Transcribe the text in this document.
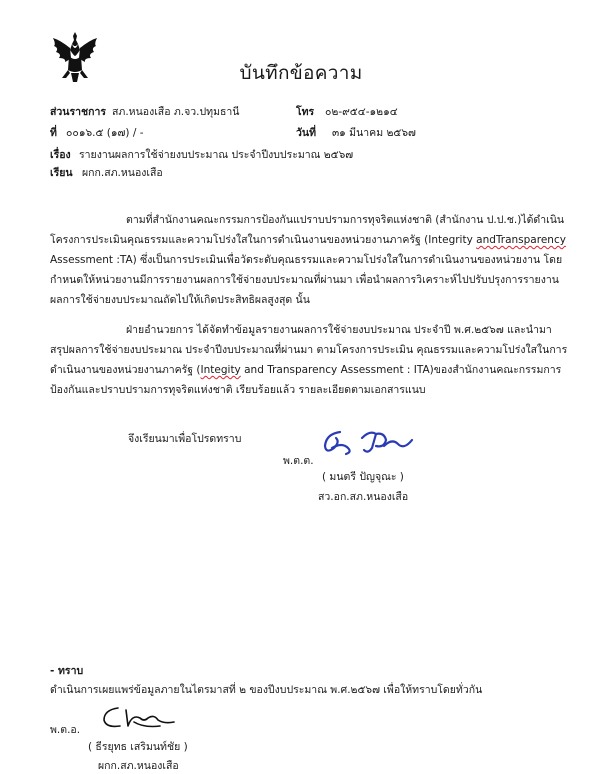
บันทึกข้อความ
ส่วนราชการ สภ.หนองเสือ ภ.จว.ปทุมธานี	โทร ๐๒-๙๕๔-๑๒๑๔
ที่ ๐๐๑๖.๕ (๑๗) / -	วันที่ ๓๑ มีนาคม ๒๕๖๗
เรื่อง รายงานผลการใช้จ่ายงบประมาณ ประจำปีงบประมาณ ๒๕๖๗
เรียน ผกก.สภ.หนองเสือ
ตามที่สำนักงานคณะกรรมการป้องกันแปราบปรามการทุจริตแห่งชาติ (สำนักงาน ป.ป.ช.)ได้ดำเนิน
โครงการประเมินคุณธรรมและความโปร่งใสในการดำเนินงานของหน่วยงานภาครัฐ (Integrity andTransparency
Assessment :TA) ซึ่งเป็นการประเมินเพื่อวัดระดับคุณธรรมและความโปร่งใสในการดำเนินงานของหน่วยงาน โดย
กำหนดให้หน่วยงานมีการรายงานผลการใช้จ่ายงบประมาณที่ผ่านมา เพื่อนำผลการวิเคราะห์ไปปรับปรุงการรายงาน
ผลการใช้จ่ายงบประมาณถัดไปให้เกิดประสิทธิผลสูงสุด นั้น
ฝ่ายอำนวยการ ได้จัดทำข้อมูลรายงานผลการใช้จ่ายงบประมาณ ประจำปี พ.ศ.๒๕๖๗ และนำมา
สรุปผลการใช้จ่ายงบประมาณ ประจำปีงบประมาณที่ผ่านมา ตามโครงการประเมิน คุณธรรมและความโปร่งใสในการ
ดำเนินงานของหน่วยงานภาครัฐ (Integity and Transparency Assessment : ITA)ของสำนักงานคณะกรรมการ
ป้องกันและปราบปรามการทุจริตแห่งชาติ เรียบร้อยแล้ว รายละเอียดตามเอกสารแนบ
จึงเรียนมาเพื่อโปรดทราบ
พ.ต.ต.
( มนตรี ปัญจุณะ )
สว.อก.สภ.หนองเสือ
- ทราบ
ดำเนินการเผยแพร่ข้อมูลภายในไตรมาสที่ ๒ ของปีงบประมาณ พ.ศ.๒๕๖๗ เพื่อให้ทราบโดยทั่วกัน
พ.ต.อ.
( ธีรยุทธ เสริมนท์ชัย )
ผกก.สภ.หนองเสือ
